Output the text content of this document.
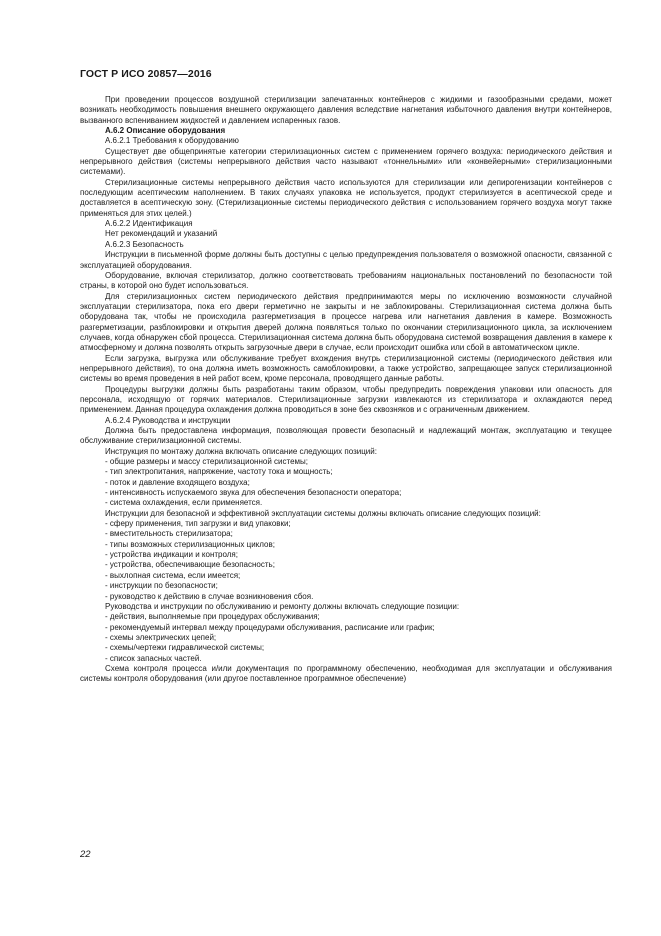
ГОСТ Р ИСО 20857—2016

При проведении процессов воздушной стерилизации запечатанных контейнеров с жидкими и газообразными средами, может возникать необходимость повышения внешнего окружающего давления вследствие нагнетания избыточного давления внутри контейнеров, вызванного вспениванием жидкостей и давлением испаренных газов.

А.6.2 Описание оборудования

А.6.2.1 Требования к оборудованию

Существует две общепринятые категории стерилизационных систем с применением горячего воздуха: периодического действия и непрерывного действия (системы непрерывного действия часто называют «тоннельными» или «конвейерными» стерилизационными системами).

Стерилизационные системы непрерывного действия часто используются для стерилизации или депирогенизации контейнеров с последующим асептическим наполнением. В таких случаях упаковка не используется, продукт стерилизуется в асептической среде и доставляется в асептическую зону. (Стерилизационные системы периодического действия с использованием горячего воздуха могут также применяться для этих целей.)

А.6.2.2 Идентификация

Нет рекомендаций и указаний

А.6.2.3 Безопасность

Инструкции в письменной форме должны быть доступны с целью предупреждения пользователя о возможной опасности, связанной с эксплуатацией оборудования.

Оборудование, включая стерилизатор, должно соответствовать требованиям национальных постановлений по безопасности той страны, в которой оно будет использоваться.

Для стерилизационных систем периодического действия предпринимаются меры по исключению возможности случайной эксплуатации стерилизатора, пока его двери герметично не закрыты и не заблокированы. Стерилизационная система должна быть оборудована так, чтобы не происходила разгерметизация в процессе нагрева или нагнетания давления в камере. Возможность разгерметизации, разблокировки и открытия дверей должна появляться только по окончании стерилизационного цикла, за исключением случаев, когда обнаружен сбой процесса. Стерилизационная система должна быть оборудована системой возвращения давления в камере к атмосферному и должна позволять открыть загрузочные двери в случае, если происходит ошибка или сбой в автоматическом цикле.

Если загрузка, выгрузка или обслуживание требует вхождения внутрь стерилизационной системы (периодического действия или непрерывного действия), то она должна иметь возможность самоблокировки, а также устройство, запрещающее запуск стерилизационной системы во время проведения в ней работ всем, кроме персонала, проводящего данные работы.

Процедуры выгрузки должны быть разработаны таким образом, чтобы предупредить повреждения упаковки или опасность для персонала, исходящую от горячих материалов. Стерилизационные загрузки извлекаются из стерилизатора и охлаждаются перед применением. Данная процедура охлаждения должна проводиться в зоне без сквозняков и с ограниченным движением.

А.6.2.4 Руководства и инструкции

Должна быть предоставлена информация, позволяющая провести безопасный и надлежащий монтаж, эксплуатацию и текущее обслуживание стерилизационной системы.

Инструкция по монтажу должна включать описание следующих позиций:

- общие размеры и массу стерилизационной системы;

- тип электропитания, напряжение, частоту тока и мощность;

- поток и давление входящего воздуха;

- интенсивность испускаемого звука для обеспечения безопасности оператора;

- система охлаждения, если применяется.

Инструкции для безопасной и эффективной эксплуатации системы должны включать описание следующих позиций:

- сферу применения, тип загрузки и вид упаковки;

- вместительность стерилизатора;

- типы возможных стерилизационных циклов;

- устройства индикации и контроля;

- устройства, обеспечивающие безопасность;

- выхлопная система, если имеется;

- инструкции по безопасности;

- руководство к действию в случае возникновения сбоя.

Руководства и инструкции по обслуживанию и ремонту должны включать следующие позиции:

- действия, выполняемые при процедурах обслуживания;

- рекомендуемый интервал между процедурами обслуживания, расписание или график;

- схемы электрических цепей;

- схемы/чертежи гидравлической системы;

- список запасных частей.

Схема контроля процесса и/или документация по программному обеспечению, необходимая для эксплуатации и обслуживания системы контроля оборудования (или другое поставленное программное обеспечение)

22
